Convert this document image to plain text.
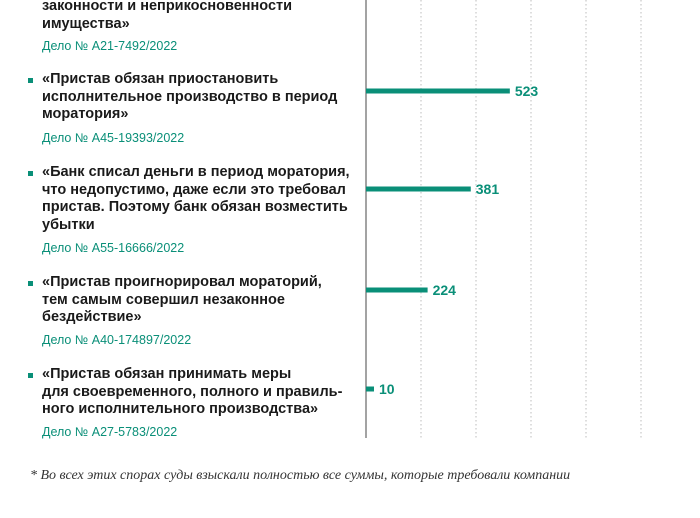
законности и неприкосновенности
имущества»
Дело № А21-7492/2022
«Пристав обязан приостановить
исполнительное производство в период
моратория»
Дело № А45-19393/2022
«Банк списал деньги в период моратория,
что недопустимо, даже если это требовал
пристав. Поэтому банк обязан возместить
убытки
Дело № А55-16666/2022
«Пристав проигнорировал мораторий,
тем самым совершил незаконное
бездействие»
Дело № А40-174897/2022
«Пристав обязан принимать меры
для своевременного, полного и правиль-
ного исполнительного производства»
Дело № А27-5783/2022
523
381
224
10
* Во всех этих спорах суды взыскали полностью все суммы, которые требовали компании
